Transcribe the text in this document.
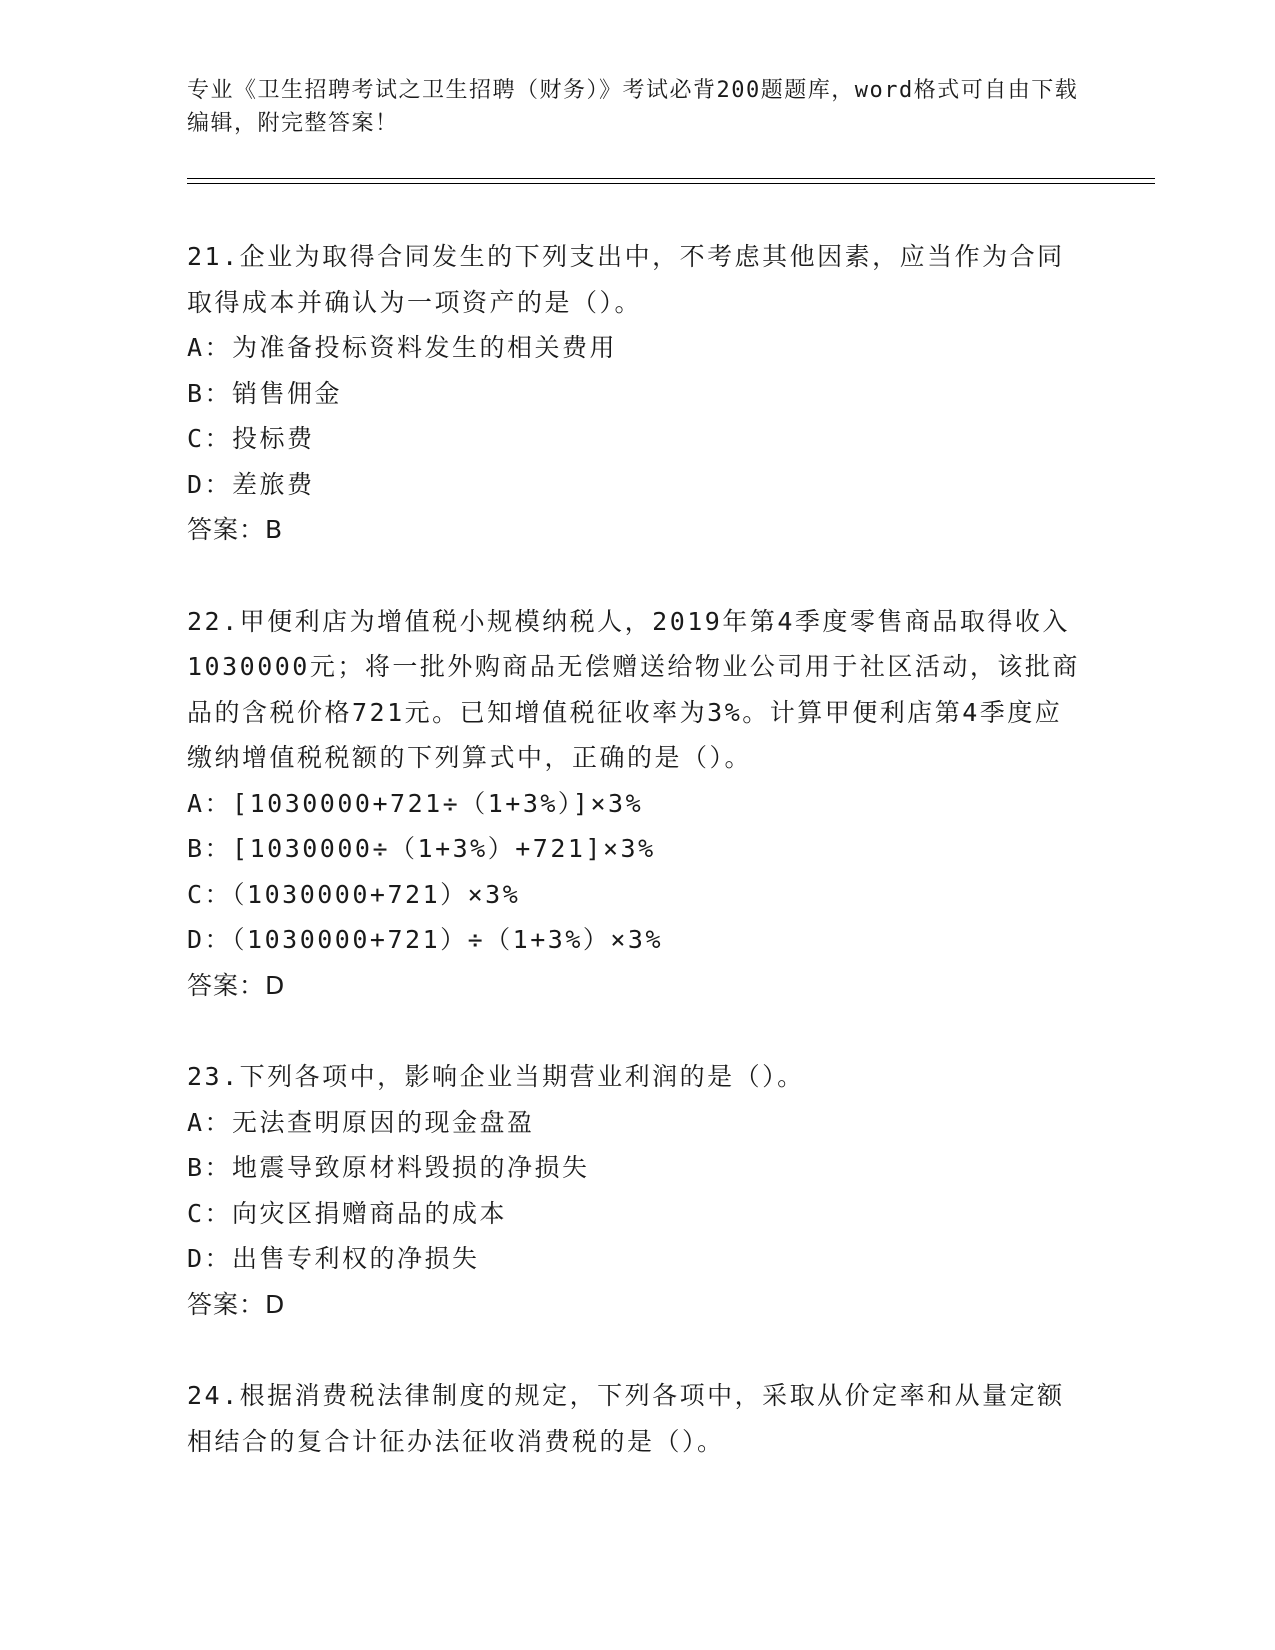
专业《卫生招聘考试之卫生招聘（财务）》考试必背200题题库，word格式可自由下载编辑，附完整答案！

21.企业为取得合同发生的下列支出中，不考虑其他因素，应当作为合同取得成本并确认为一项资产的是（）。

A：为准备投标资料发生的相关费用

B：销售佣金

C：投标费

D：差旅费

答案：B

22.甲便利店为增值税小规模纳税人，2019年第4季度零售商品取得收入1030000元；将一批外购商品无偿赠送给物业公司用于社区活动，该批商品的含税价格721元。已知增值税征收率为3%。计算甲便利店第4季度应缴纳增值税税额的下列算式中，正确的是（）。

A：[1030000+721÷（1+3%）]×3%

B：[1030000÷（1+3%）+721]×3%

C：（1030000+721）×3%

D：（1030000+721）÷（1+3%）×3%

答案：D

23.下列各项中，影响企业当期营业利润的是（）。

A：无法查明原因的现金盘盈

B：地震导致原材料毁损的净损失

C：向灾区捐赠商品的成本

D：出售专利权的净损失

答案：D

24.根据消费税法律制度的规定，下列各项中，采取从价定率和从量定额相结合的复合计征办法征收消费税的是（）。
